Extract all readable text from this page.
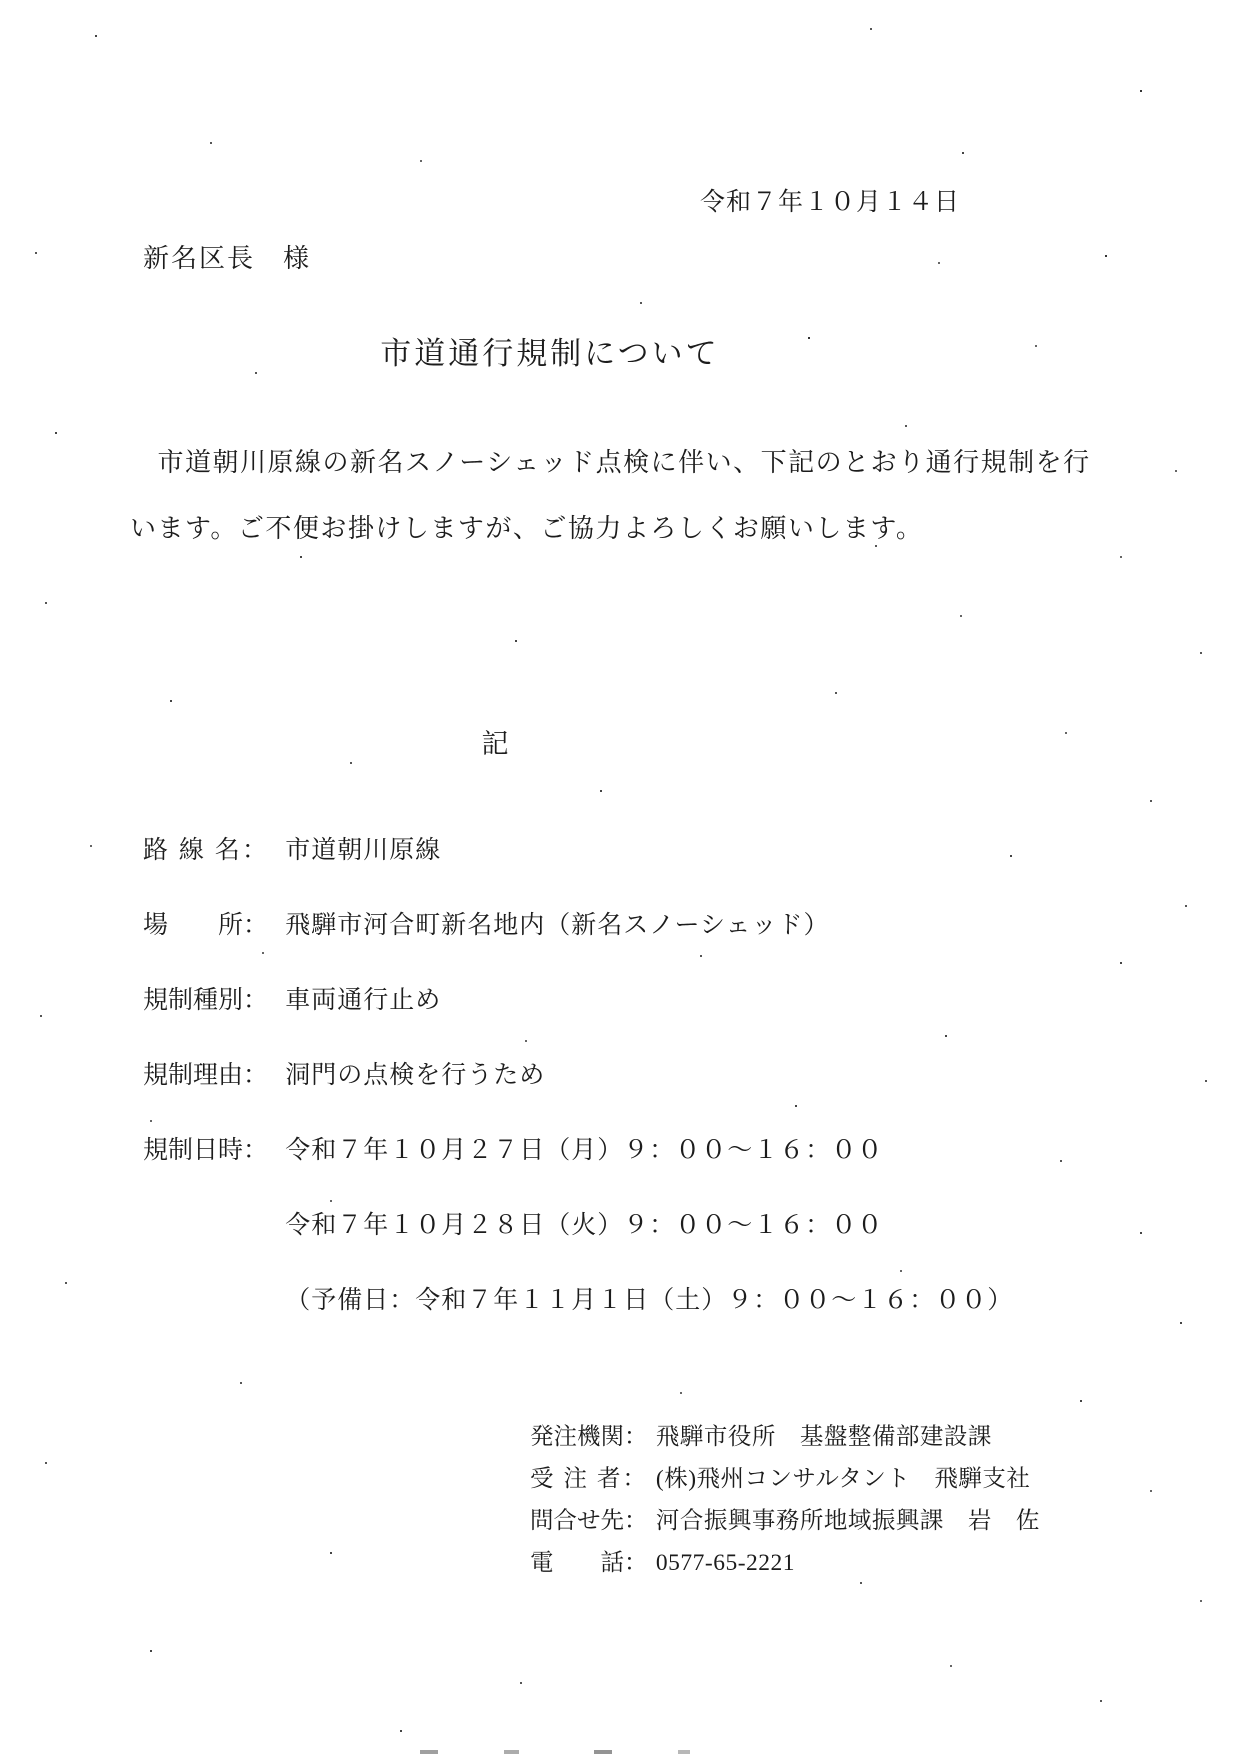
令和７年１０月１４日
新名区長　様
市道通行規制について
　市道朝川原線の新名スノーシェッド点検に伴い、下記のとおり通行規制を行
います。ご不便お掛けしますが、ご協力よろしくお願いします。
記
路 線 名： 市道朝川原線
場　　所： 飛騨市河合町新名地内（新名スノーシェッド）
規制種別： 車両通行止め
規制理由： 洞門の点検を行うため
規制日時： 令和７年１０月２７日（月）９：００～１６：００
令和７年１０月２８日（火）９：００～１６：００
（予備日：令和７年１１月１日（土）９：００～１６：００）
発注機関： 飛騨市役所　基盤整備部建設課
受 注 者： (株)飛州コンサルタント　飛騨支社
問合せ先： 河合振興事務所地域振興課　岩　佐
電　　話： 0577-65-2221
